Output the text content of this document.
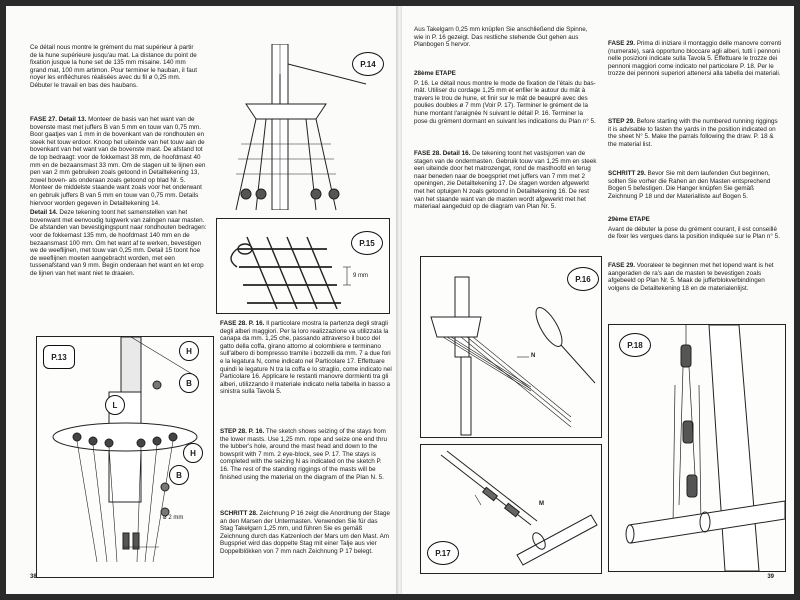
Ce détail nous montre le grément du mat supérieur à partir de la hune supérieure jusqu'au mat. La distance du point de fixation jusque la hune set de 135 mm misaine. 140 mm grand mat, 100 mm artimon. Pour terminer le hauban, il faut noyer les enfléchures réalisées avec du fil ø 0,25 mm. Débuter le travail en bas des haubans.

FASE 27. Detail 13. Monteer de basis van het want van de bovenste mast met juffers B van 5 mm en touw van 0,75 mm. Boor gaatjes van 1 mm in de bovenkant van de rondhouten en steek het touw erdoor. Knoop het uiteinde van het touw aan de bovenkant van het want van de bovenste mast. De afstand tot de top bedraagt: voor de fokkemast 38 mm, de hoofdmast 40 mm en de bezaansmast 33 mm. Om de stagen uit te lijnen een pen van 2 mm gebruiken zoals getoond in Detailtekening 13, zowel boven- als onderaan zoals getoond op blad Nr. 5. Monteer de middelste staande want zoals voor het onderwant en gebruik juffers B van 5 mm en touw van 0,75 mm. Details hiervoor worden gegeven in Detailtekening 14.

Detail 14. Deze tekening toont het samenstellen van het bovenwant met eenvoudig tuigwerk van zalingen naar masten. De afstanden van bevestigingspunt naar rondhouten bedragen: voor de fokkemast 135 mm, de hoofdmast 140 mm en de bezaansmast 100 mm. Om het want af te werken, bevestigen we de weeflijnen, met touw van 0,25 mm. Detail 15 toont hoe de weeflijnen moeten aangebracht worden, met een tussenafstand van 9 mm. Begin onderaan het want en let erop de lijnen van het want niet te draaien.

P.14
P.15
9 mm

FASE 28. P. 16. Il particolare mostra la partenza degli stragli degli alberi maggiori. Per la loro realizzazione va utilizzata la canapa da mm. 1,25 che, passando attraverso il buco del gatto della coffa, girano attorno al colombiere e terminano sull'albero di bompresso tramite i bozzelli da mm. 7 a due fori e la legatura N, come indicato nel Particolare 17. Effettuare quindi le legature N tra la coffa e lo straglio, come indicato nel Particolare 16. Applicare le restanti manovre dormienti tra gli alberi, utilizzando il materiale indicato nella tabella in basso a sinistra sulla Tavola 5.

STEP 28. P. 16. The sketch shows seizing of the stays from the lower masts. Use 1,25 mm. rope and seize one end thru the lubber's hole, around the mast head and down to the bowsprit with 7 mm. 2 eye-block, see P. 17. The stays is completed with the seizing N as indicated on the sketch P. 16. The rest of the standing riggings of the masts will be finished using the material on the diagram of the Plan N. 5.

SCHRITT 28. Zeichnung P 16 zeigt die Anordnung der Stage an den Marsen der Untermasten. Verwenden Sie für das Stag Takelgarn 1,25 mm, und führen Sie es gemäß Zeichnung durch das Katzenloch der Mars um den Mast. Am Bugspriet wird das doppelte Stag mit einer Talje aus vier Doppelblökken von 7 mm nach Zeichnung P 17 belegt.

P.13
H
B
L
H
B
ø 2 mm
38

Aus Takelgarn 0,25 mm knüpfen Sie anschließend die Spinne, wie in P. 16 gezeigt. Das restliche stehende Gut gehen aus Planbogen 5 hervor.

28ème ETAPE

P. 16. Le détail nous montre le mode de fixation de l'étais du bas-mât. Utiliser du cordage 1,25 mm et enfiler le autour du mât à travers le trou de hune, et finir sur le mât de beaupré avec des poulies doubles ø 7 mm (Voir P. 17). Terminer le grément de la hune montant l'araignée N suivant le détail P. 16. Terminer la pose du grément dormant en suivant les indications du Plan n° 5.

FASE 28. Detail 16. De tekening toont het vastsjorren van de stagen van de ondermasten. Gebruik touw van 1,25 mm en steek een uiteinde door het matrozengat, rond de masthoofd en terug naar beneden naar de boegspriet met juffers van 7 mm met 2 openingen, zie Detailtekening 17. De stagen worden afgewerkt met het optuigen N zoals getoond in Detailtekening 16. De rest van het staande want van de masten wordt afgewerkt met het materiaal aangeduid op de diagram van Plan Nr. 5.

P.16
N
P.17
M

FASE 29. Prima di iniziare il montaggio delle manovre correnti (numerate), sarà opportuno bloccare agli alberi, tutti i pennoni nelle posizioni indicate sulla Tavola 5. Effettuare le trozze dei pennoni maggiori come indicato nel particolare P. 18. Per le trozze dei pennoni superiori attenersi alla tabella dei materiali.

STEP 29. Before starting with the numbered running riggings it is advisable to fasten the yards in the position indicated on the sheet N° 5. Make the parrals following the draw. P. 18 & the material list.

SCHRITT 29. Bevor Sie mit dem laufenden Gut beginnen, sollten Sie vorher die Rahen an den Masten entsprechend Bogen 5 befestigen. Die Hanger knüpfen Sie gemäß Zeichnung P 18 und der Materialliste auf Bogen 5.

29ème ETAPE

Avant de débuter la pose du grément courant, il est conseillé de fixer les vergues dans la position indiquée sur le Plan n° 5.

FASE 29. Vooraleer te beginnen met het lopend want is het aangeraden de ra's aan de masten te bevestigen zoals afgebeeld op Plan Nr. 5. Maak de jufferblokverbindingen volgens de Detailtekening 18 en de materialenlijst.

P.18
39
